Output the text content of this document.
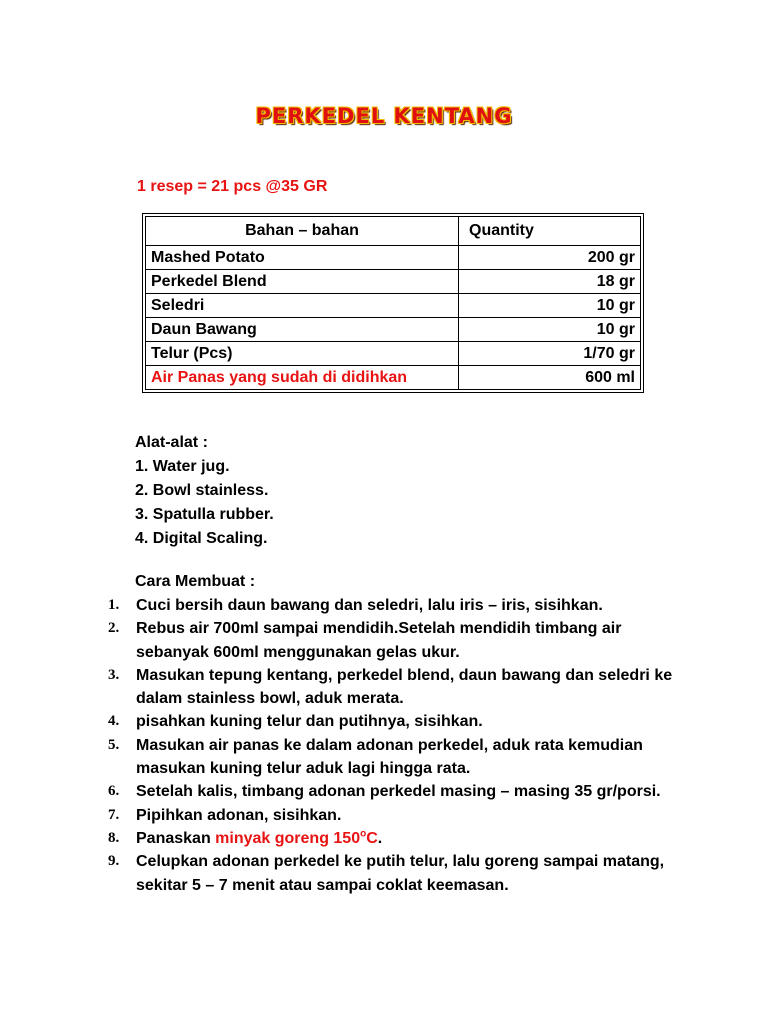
PERKEDEL KENTANG
1 resep = 21 pcs @35 GR
Bahan – bahan	Quantity
Mashed Potato	200 gr
Perkedel Blend	18 gr
Seledri	10 gr
Daun Bawang	10 gr
Telur (Pcs)	1/70 gr
Air Panas yang sudah di didihkan	600 ml
Alat-alat :
1. Water jug.
2. Bowl stainless.
3. Spatulla rubber.
4. Digital Scaling.
Cara Membuat :
1.	Cuci bersih daun bawang dan seledri, lalu iris – iris, sisihkan.
2.	Rebus air 700ml sampai mendidih.Setelah mendidih timbang air sebanyak 600ml menggunakan gelas ukur.
3.	Masukan tepung kentang, perkedel blend, daun bawang dan seledri ke dalam stainless bowl, aduk merata.
4.	pisahkan kuning telur dan putihnya, sisihkan.
5.	Masukan air panas ke dalam adonan perkedel, aduk rata kemudian masukan kuning telur aduk lagi hingga rata.
6.	Setelah kalis, timbang adonan perkedel masing – masing 35 gr/porsi.
7.	Pipihkan adonan, sisihkan.
8.	Panaskan minyak goreng 150$^o$C.
9.	Celupkan adonan perkedel ke putih telur, lalu goreng sampai matang, sekitar 5 – 7 menit atau sampai coklat keemasan.
